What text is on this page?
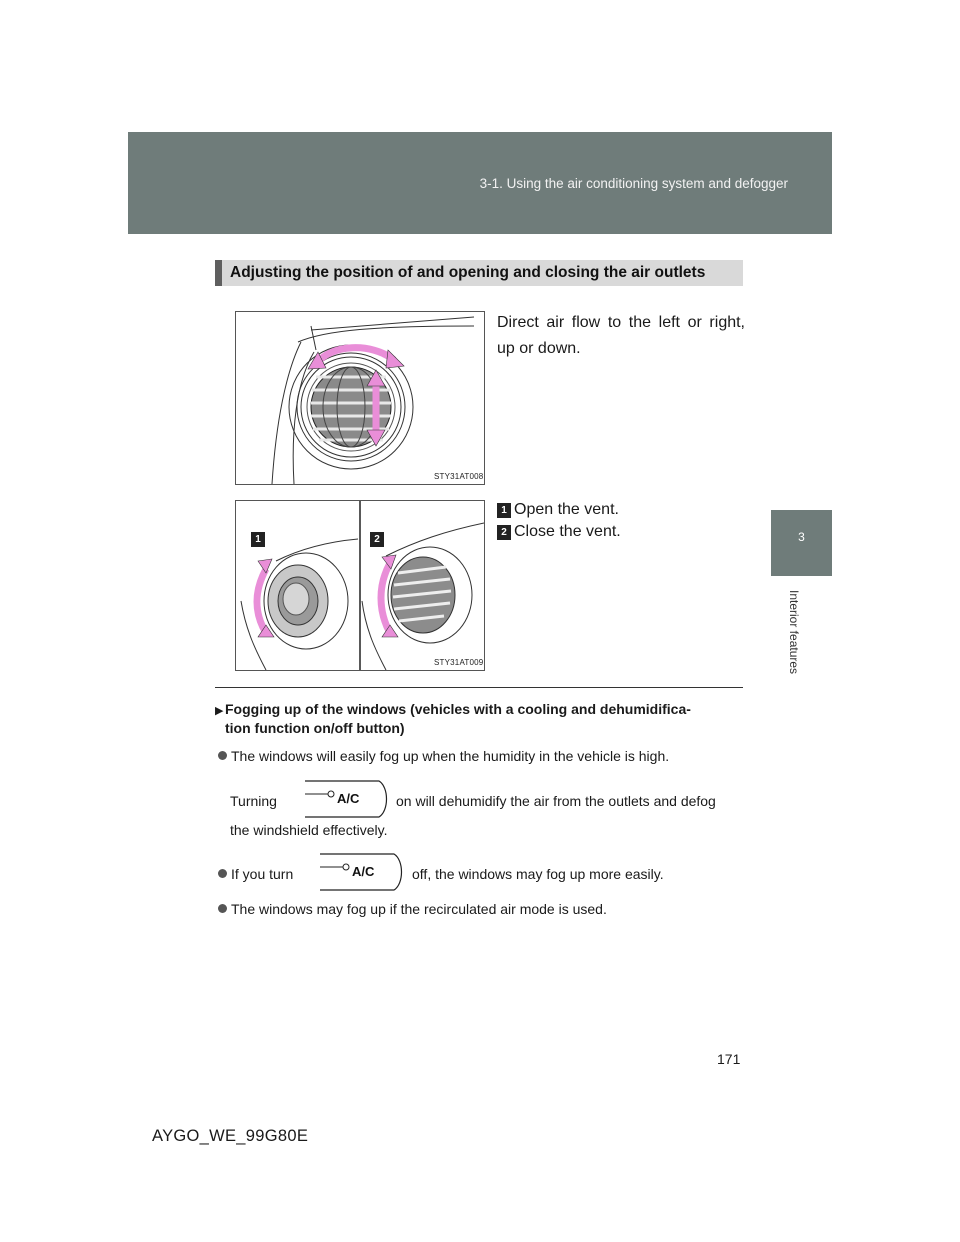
3-1. Using the air conditioning system and defogger
3
Interior features
Adjusting the position of and opening and closing the air outlets
STY31AT008
Direct air flow to the left or right, up or down.
1	2
STY31AT009
1 Open the vent.
2 Close the vent.
▶ Fogging up of the windows (vehicles with a cooling and dehumidifica-
tion function on/off button)
The windows will easily fog up when the humidity in the vehicle is high.
Turning	A/C	on will dehumidify the air from the outlets and defog
the windshield effectively.
If you turn	A/C	off, the windows may fog up more easily.
The windows may fog up if the recirculated air mode is used.
171
AYGO_WE_99G80E
